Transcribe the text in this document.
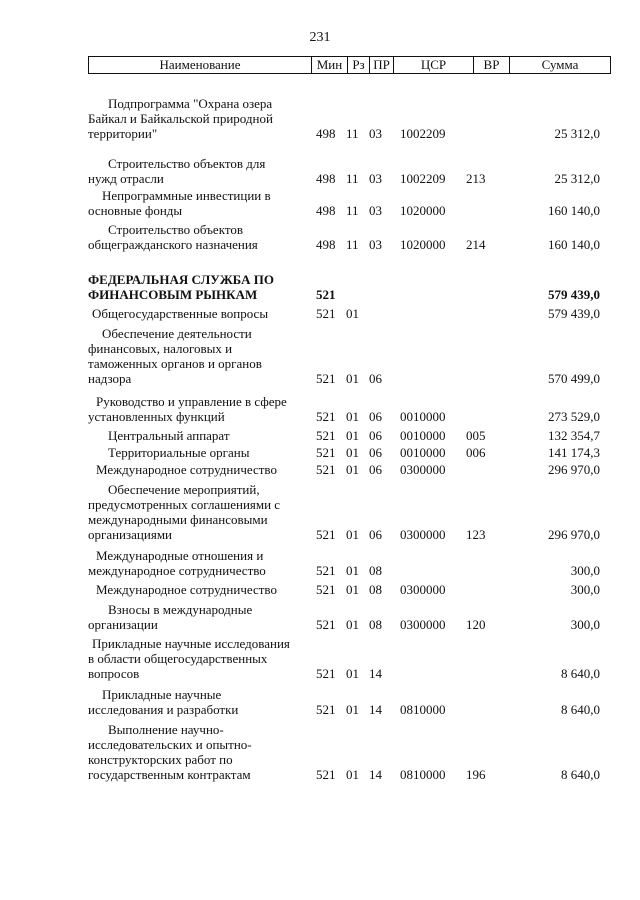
231
Наименование	Мин Рз ПР	ЦСР	ВР	Сумма
Подпрограмма "Охрана озера
Байкал и Байкальской природной
территории"	498 11 03 1002209	25 312,0
Строительство объектов для
нужд отрасли	498 11 03 1002209 213	25 312,0
Непрограммные инвестиции в
основные фонды	498 11 03 1020000	160 140,0
Строительство объектов
общегражданского назначения	498 11 03 1020000 214	160 140,0
ФЕДЕРАЛЬНАЯ СЛУЖБА ПО
ФИНАНСОВЫМ РЫНКАМ	521	579 439,0
Общегосударственные вопросы	521 01	579 439,0
Обеспечение деятельности
финансовых, налоговых и
таможенных органов и органов
надзора	521 01 06	570 499,0
Руководство и управление в сфере
установленных функций	521 01 06 0010000	273 529,0
Центральный аппарат	521 01 06 0010000 005	132 354,7
Территориальные органы	521 01 06 0010000 006	141 174,3
Международное сотрудничество	521 01 06 0300000	296 970,0
Обеспечение мероприятий,
предусмотренных соглашениями с
международными финансовыми
организациями	521 01 06 0300000 123	296 970,0
Международные отношения и
международное сотрудничество	521 01 08	300,0
Международное сотрудничество	521 01 08 0300000	300,0
Взносы в международные
организации	521 01 08 0300000 120	300,0
Прикладные научные исследования
в области общегосударственных
вопросов	521 01 14	8 640,0
Прикладные научные
исследования и разработки	521 01 14 0810000	8 640,0
Выполнение научно-
исследовательских и опытно-
конструкторских работ по
государственным контрактам	521 01 14 0810000 196	8 640,0
